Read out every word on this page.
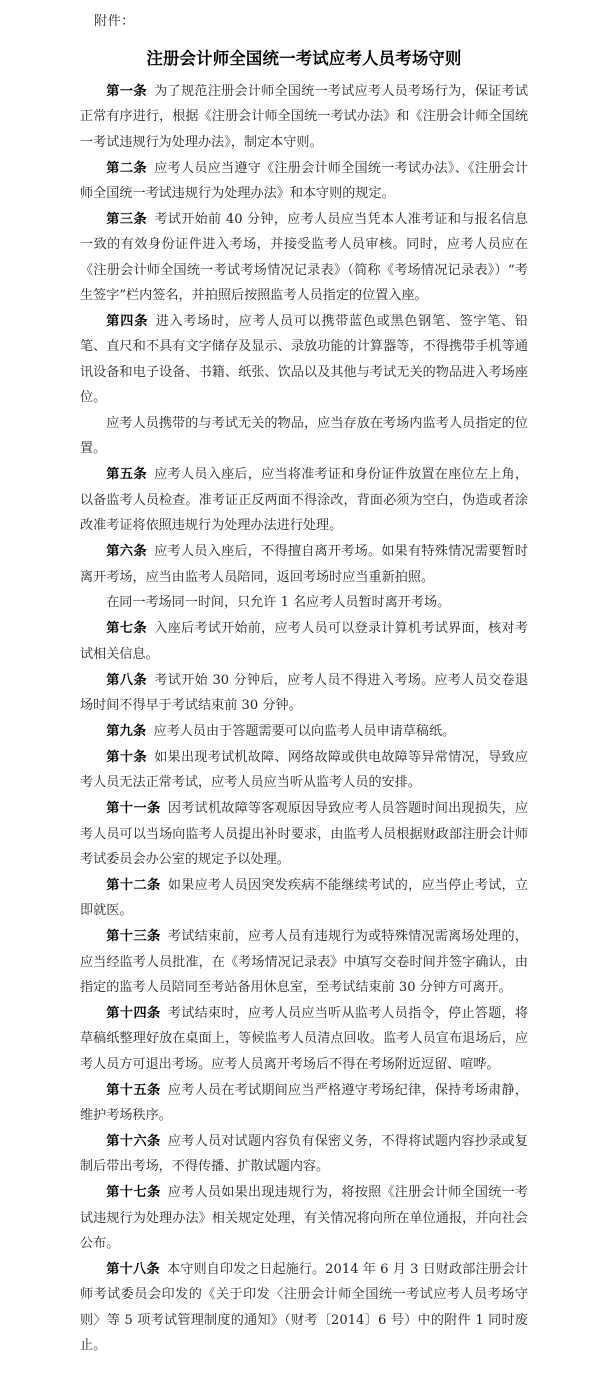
附件：

注册会计师全国统一考试应考人员考场守则

第一条 为了规范注册会计师全国统一考试应考人员考场行为，保证考试正常有序进行，根据《注册会计师全国统一考试办法》和《注册会计师全国统一考试违规行为处理办法》，制定本守则。

第二条 应考人员应当遵守《注册会计师全国统一考试办法》、《注册会计师全国统一考试违规行为处理办法》和本守则的规定。

第三条 考试开始前 40 分钟，应考人员应当凭本人准考证和与报名信息一致的有效身份证件进入考场，并接受监考人员审核。同时，应考人员应在《注册会计师全国统一考试考场情况记录表》（简称《考场情况记录表》）“考生签字”栏内签名，并拍照后按照监考人员指定的位置入座。

第四条 进入考场时，应考人员可以携带蓝色或黑色钢笔、签字笔、铅笔、直尺和不具有文字储存及显示、录放功能的计算器等，不得携带手机等通讯设备和电子设备、书籍、纸张、饮品以及其他与考试无关的物品进入考场座位。

应考人员携带的与考试无关的物品，应当存放在考场内监考人员指定的位置。

第五条 应考人员入座后，应当将准考证和身份证件放置在座位左上角，以备监考人员检查。准考证正反两面不得涂改，背面必须为空白，伪造或者涂改准考证将依照违规行为处理办法进行处理。

第六条 应考人员入座后，不得擅自离开考场。如果有特殊情况需要暂时离开考场，应当由监考人员陪同，返回考场时应当重新拍照。

在同一考场同一时间，只允许 1 名应考人员暂时离开考场。

第七条 入座后考试开始前，应考人员可以登录计算机考试界面，核对考试相关信息。

第八条 考试开始 30 分钟后，应考人员不得进入考场。应考人员交卷退场时间不得早于考试结束前 30 分钟。

第九条 应考人员由于答题需要可以向监考人员申请草稿纸。

第十条 如果出现考试机故障、网络故障或供电故障等异常情况，导致应考人员无法正常考试，应考人员应当听从监考人员的安排。

第十一条 因考试机故障等客观原因导致应考人员答题时间出现损失，应考人员可以当场向监考人员提出补时要求，由监考人员根据财政部注册会计师考试委员会办公室的规定予以处理。

第十二条 如果应考人员因突发疾病不能继续考试的，应当停止考试，立即就医。

第十三条 考试结束前，应考人员有违规行为或特殊情况需离场处理的，应当经监考人员批准，在《考场情况记录表》中填写交卷时间并签字确认，由指定的监考人员陪同至考站备用休息室，至考试结束前 30 分钟方可离开。

第十四条 考试结束时，应考人员应当听从监考人员指令，停止答题，将草稿纸整理好放在桌面上，等候监考人员清点回收。监考人员宣布退场后，应考人员方可退出考场。应考人员离开考场后不得在考场附近逗留、喧哗。

第十五条 应考人员在考试期间应当严格遵守考场纪律，保持考场肃静，维护考场秩序。

第十六条 应考人员对试题内容负有保密义务，不得将试题内容抄录或复制后带出考场，不得传播、扩散试题内容。

第十七条 应考人员如果出现违规行为，将按照《注册会计师全国统一考试违规行为处理办法》相关规定处理，有关情况将向所在单位通报，并向社会公布。

第十八条 本守则自印发之日起施行。2014 年 6 月 3 日财政部注册会计师考试委员会印发的《关于印发〈注册会计师全国统一考试应考人员考场守则〉等 5 项考试管理制度的通知》（财考〔2014〕6 号）中的附件 1 同时废止。
